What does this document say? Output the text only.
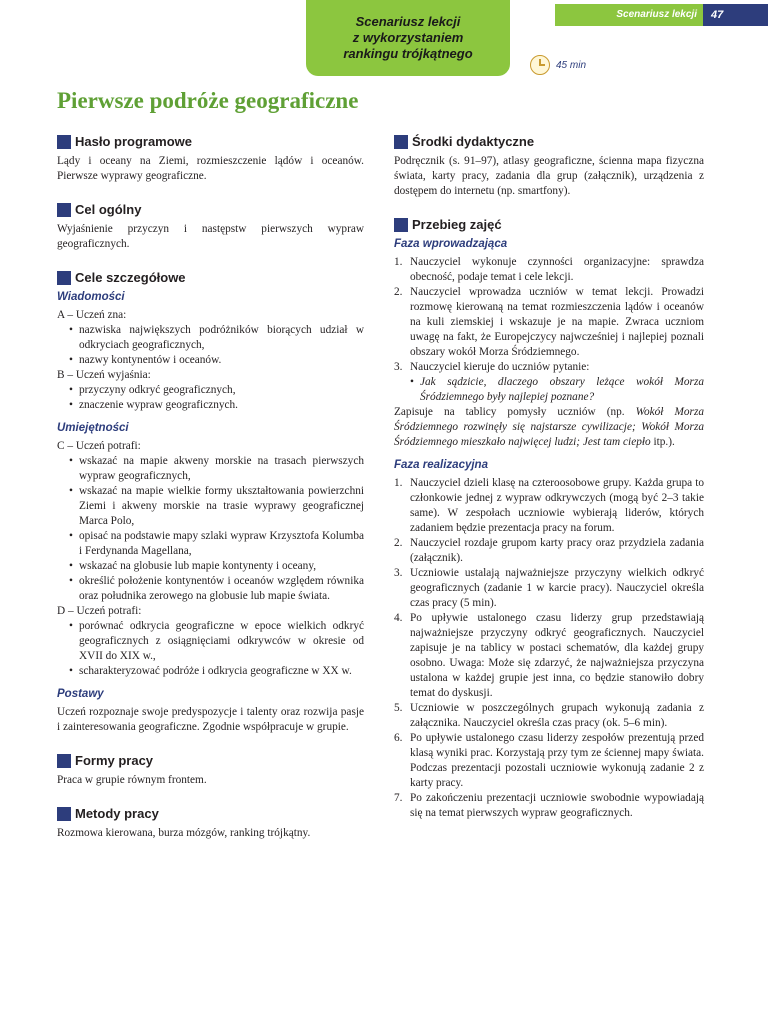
Scenariusz lekcji
z wykorzystaniem
rankingu trójkątnego
Scenariusz lekcji	47
45 min
Pierwsze podróże geograficzne
Hasło programowe

Lądy i oceany na Ziemi, rozmieszczenie lądów i oceanów. Pierwsze wyprawy geograficzne.

Cel ogólny

Wyjaśnienie przyczyn i następstw pierwszych wypraw geograficznych.

Cele szczegółowe
Wiadomości

A – Uczeń zna:

• nazwiska największych podróżników biorących udział w odkryciach geograficznych,
• nazwy kontynentów i oceanów.

B – Uczeń wyjaśnia:

• przyczyny odkryć geograficznych,
• znaczenie wypraw geograficznych.
Umiejętności

C – Uczeń potrafi:

• wskazać na mapie akweny morskie na trasach pierwszych wypraw geograficznych,
• wskazać na mapie wielkie formy ukształtowania powierzchni Ziemi i akweny morskie na trasie wyprawy geograficznej Marca Polo,
• opisać na podstawie mapy szlaki wypraw Krzysztofa Kolumba i Ferdynanda Magellana,
• wskazać na globusie lub mapie kontynenty i oceany,
• określić położenie kontynentów i oceanów względem równika oraz południka zerowego na globusie lub mapie świata.

D – Uczeń potrafi:

• porównać odkrycia geograficzne w epoce wielkich odkryć geograficznych z osiągnięciami odkrywców w okresie od XVII do XIX w.,
• scharakteryzować podróże i odkrycia geograficzne w XX w.
Postawy

Uczeń rozpoznaje swoje predyspozycje i talenty oraz rozwija pasje i zainteresowania geograficzne. Zgodnie współpracuje w grupie.

Formy pracy

Praca w grupie równym frontem.

Metody pracy

Rozmowa kierowana, burza mózgów, ranking trójkątny.

Środki dydaktyczne

Podręcznik (s. 91–97), atlasy geograficzne, ścienna mapa fizyczna świata, karty pracy, zadania dla grup (załącznik), urządzenia z dostępem do internetu (np. smartfony).

Przebieg zajęć
Faza wprowadzająca
1. Nauczyciel wykonuje czynności organizacyjne: sprawdza obecność, podaje temat i cele lekcji.
2. Nauczyciel wprowadza uczniów w temat lekcji. Prowadzi rozmowę kierowaną na temat rozmieszczenia lądów i oceanów na kuli ziemskiej i wskazuje je na mapie. Zwraca uczniom uwagę na fakt, że Europejczycy najwcześniej i najlepiej poznali obszary wokół Morza Śródziemnego.
3. Nauczyciel kieruje do uczniów pytanie:
• Jak sądzicie, dlaczego obszary leżące wokół Morza Śródziemnego były najlepiej poznane?

Zapisuje na tablicy pomysły uczniów (np. Wokół Morza Śródziemnego rozwinęły się najstarsze cywilizacje; Wokół Morza Śródziemnego mieszkało najwięcej ludzi; Jest tam ciepło itp.).

Faza realizacyjna
1. Nauczyciel dzieli klasę na czteroosobowe grupy. Każda grupa to członkowie jednej z wypraw odkrywczych (mogą być 2–3 takie same). W zespołach uczniowie wybierają liderów, których zadaniem będzie prezentacja pracy na forum.
2. Nauczyciel rozdaje grupom karty pracy oraz przydzielа zadania (załącznik).
3. Uczniowie ustalają najważniejsze przyczyny wielkich odkryć geograficznych (zadanie 1 w karcie pracy). Nauczyciel określa czas pracy (5 min).
4. Po upływie ustalonego czasu liderzy grup przedstawiają najważniejsze przyczyny odkryć geograficznych. Nauczyciel zapisuje je na tablicy w postaci schematów, dla każdej grupy osobno. Uwaga: Może się zdarzyć, że najważniejsza przyczyna ustalona w każdej grupie jest inna, co będzie stanowiło dobry temat do dyskusji.
5. Uczniowie w poszczególnych grupach wykonują zadania z załącznika. Nauczyciel określa czas pracy (ok. 5–6 min).
6. Po upływie ustalonego czasu liderzy zespołów prezentują przed klasą wyniki prac. Korzystają przy tym ze ściennej mapy świata. Podczas prezentacji pozostali uczniowie wykonują zadanie 2 z karty pracy.
7. Po zakończeniu prezentacji uczniowie swobodnie wypowiadają się na temat pierwszych wypraw geograficznych.
